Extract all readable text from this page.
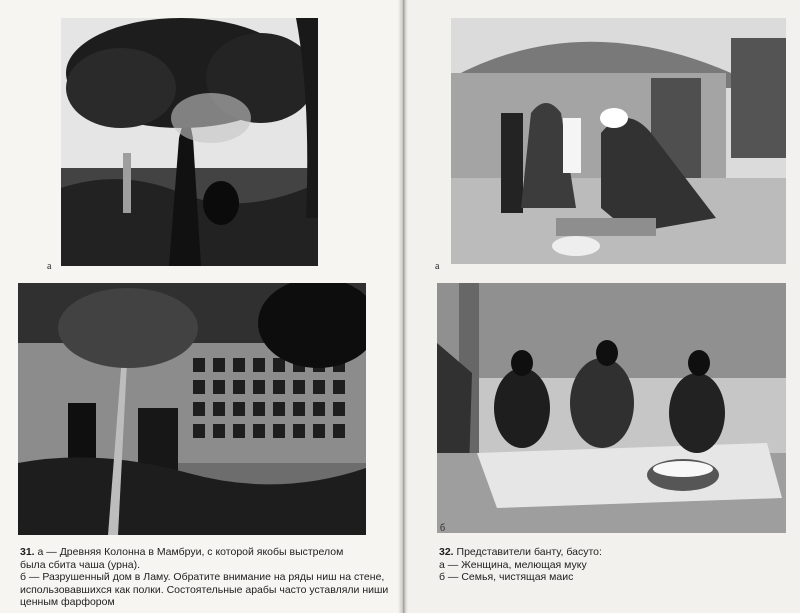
а
б
31. а — Древняя Колонна в Мамбруи, с которой якобы выстрелом
была сбита чаша (урна).
б — Разрушенный дом в Ламу. Обратите внимание на ряды ниш на стене,
использовавшихся как полки. Состоятельные арабы часто уставляли ниши
ценным фарфором
а
б
32. Представители банту, басуто:
а — Женщина, мелющая муку
б — Семья, чистящая маис
